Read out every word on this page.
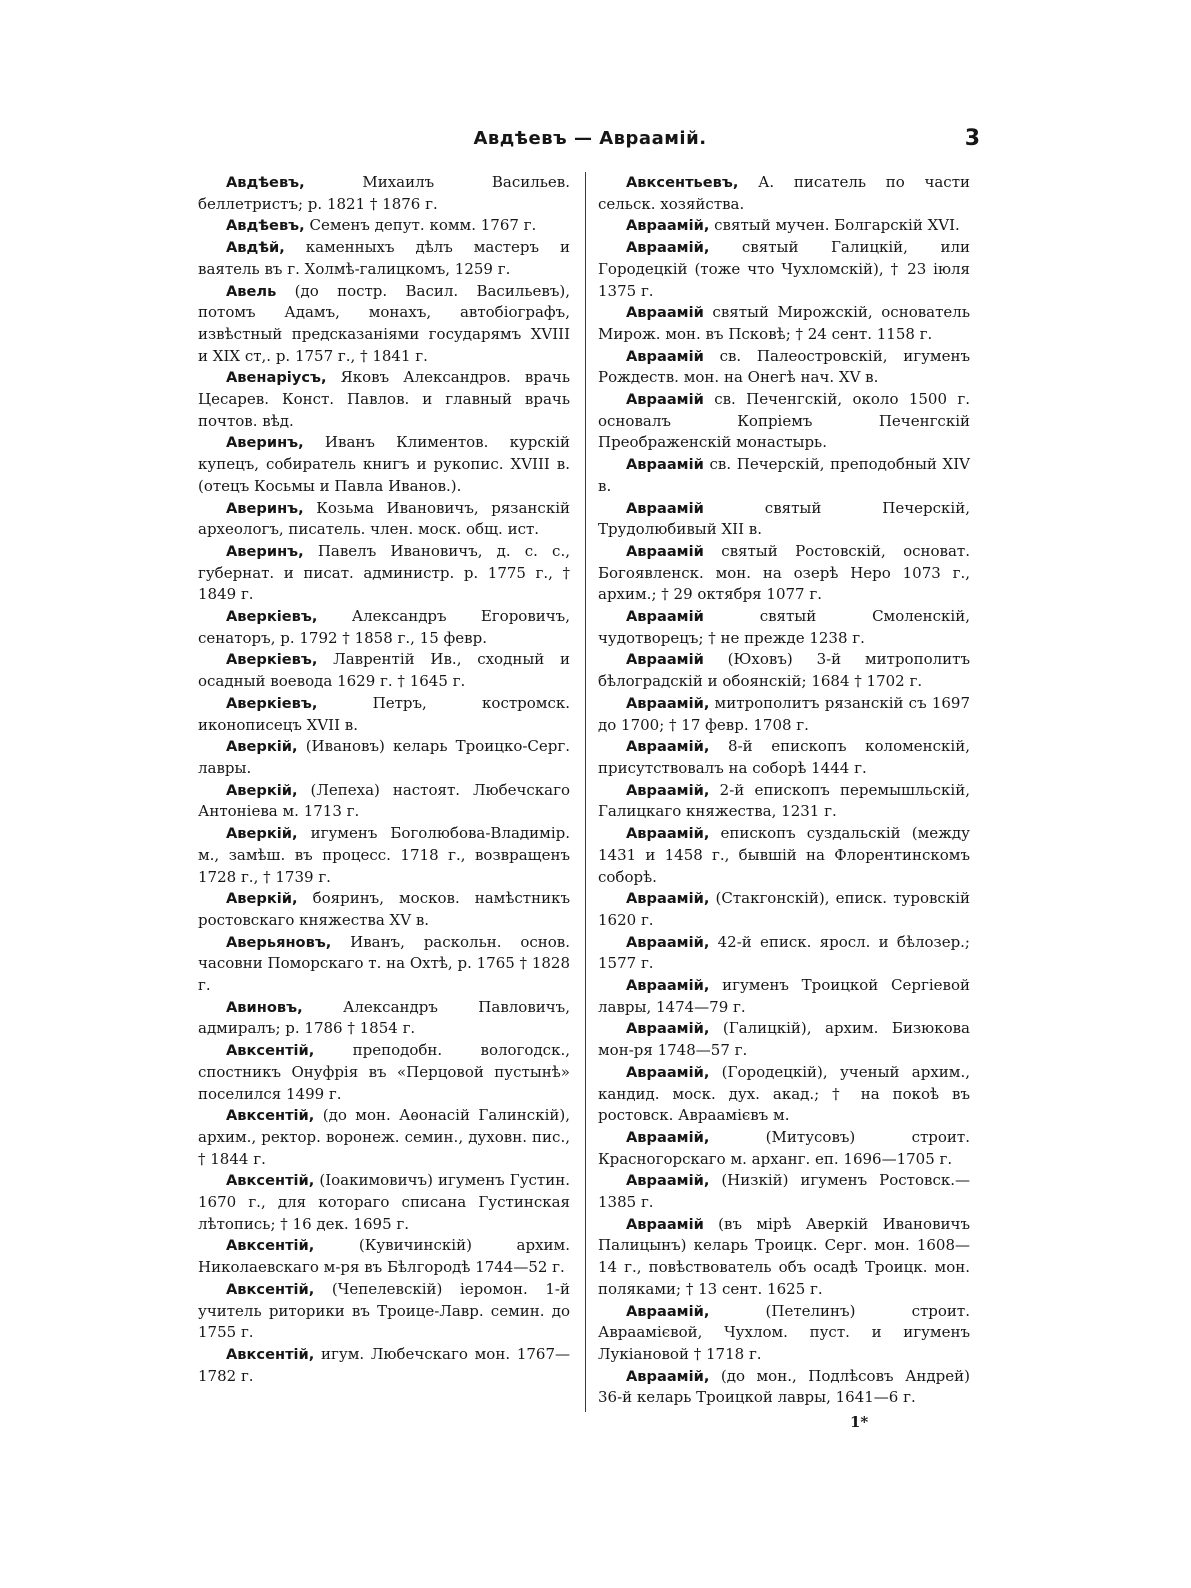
Авдѣевъ — Авраамій.	3

Авдѣевъ, Михаилъ Васильев. беллетристъ; р. 1821 † 1876 г.

Авдѣевъ, Семенъ депут. комм. 1767 г.

Авдѣй, каменныхъ дѣлъ мастеръ и ваятель въ г. Холмѣ-галицкомъ, 1259 г.

Авель (до постр. Васил. Васильевъ), потомъ Адамъ, монахъ, автобіографъ, извѣстный предсказаніями государямъ XVIII и XIX ст,. р. 1757 г., † 1841 г.

Авенаріусъ, Яковъ Александров. врачь Цесарев. Конст. Павлов. и главный врачь почтов. вѣд.

Аверинъ, Иванъ Климентов. курскій купецъ, собиратель книгъ и рукопис. XVIII в. (отецъ Косьмы и Павла Иванов.).

Аверинъ, Козьма Ивановичъ, рязанскій археологъ, писатель. член. моск. общ. ист.

Аверинъ, Павелъ Ивановичъ, д. с. с., губернат. и писат. администр. р. 1775 г., † 1849 г.

Аверкіевъ, Александръ Егоровичъ, сенаторъ, р. 1792 † 1858 г., 15 февр.

Аверкіевъ, Лаврентій Ив., сходный и осадный воевода 1629 г. † 1645 г.

Аверкіевъ, Петръ, костромск. иконописецъ XVII в.

Аверкій, (Ивановъ) келарь Троицко-Серг. лавры.

Аверкій, (Лепеха) настоят. Любечскаго Антоніева м. 1713 г.

Аверкій, игуменъ Боголюбова-Владимір. м., замѣш. въ процесс. 1718 г., возвращенъ 1728 г., † 1739 г.

Аверкій, бояринъ, москов. намѣстникъ ростовскаго княжества XV в.

Аверьяновъ, Иванъ, раскольн. основ. часовни Поморскаго т. на Охтѣ, р. 1765 † 1828 г.

Авиновъ, Александръ Павловичъ, адмиралъ; р. 1786 † 1854 г.

Авксентій, преподобн. вологодск., спостникъ Онуфрія въ «Перцовой пустынѣ» поселился 1499 г.

Авксентій, (до мон. Аѳонасій Галинскій), архим., ректор. воронеж. семин., духовн. пис., † 1844 г.

Авксентій, (Іоакимовичъ) игуменъ Густин. 1670 г., для котораго списана Густинская лѣтопись; † 16 дек. 1695 г.

Авксентій, (Кувичинскій) архим. Николаевскаго м-ря въ Бѣлгородѣ 1744—52 г.

Авксентій, (Чепелевскій) іеромон. 1-й учитель риторики въ Троице-Лавр. семин. до 1755 г.

Авксентій, игум. Любечскаго мон. 1767—1782 г.

Авксентьевъ, А. писатель по части сельск. хозяйства.

Авраамій, святый мучен. Болгарскій XVI.

Авраамій, святый Галицкій, или Городецкій (тоже что Чухломскій), † 23 іюля 1375 г.

Авраамій святый Мирожскій, основатель Мирож. мон. въ Псковѣ; † 24 сент. 1158 г.

Авраамій св. Палеостровскій, игуменъ Рождеств. мон. на Онегѣ нач. XV в.

Авраамій св. Печенгскій, около 1500 г. основалъ Копріемъ Печенгскій Преображенскій монастырь.

Авраамій св. Печерскій, преподобный XIV в.

Авраамій святый Печерскій, Трудолюбивый XII в.

Авраамій святый Ростовскій, основат. Богоявленск. мон. на озерѣ Неро 1073 г., архим.; † 29 октября 1077 г.

Авраамій святый Смоленскій, чудотворецъ; † не прежде 1238 г.

Авраамій (Юховъ) 3-й митрополитъ бѣлоградскій и обоянскій; 1684 † 1702 г.

Авраамій, митрополитъ рязанскій съ 1697 до 1700; † 17 февр. 1708 г.

Авраамій, 8-й епископъ коломенскій, присутствовалъ на соборѣ 1444 г.

Авраамій, 2-й епископъ перемышльскій, Галицкаго княжества, 1231 г.

Авраамій, епископъ суздальскій (между 1431 и 1458 г., бывшій на Флорентинскомъ соборѣ.

Авраамій, (Стакгонскій), еписк. туровскій 1620 г.

Авраамій, 42-й еписк. яросл. и бѣлозер.; 1577 г.

Авраамій, игуменъ Троицкой Сергіевой лавры, 1474—79 г.

Авраамій, (Галицкій), архим. Бизюкова мон-ря 1748—57 г.

Авраамій, (Городецкій), ученый архим., кандид. моск. дух. акад.; † на покоѣ въ ростовск. Авраамієвъ м.

Авраамій, (Митусовъ) строит. Красногорскаго м. арханг. еп. 1696—1705 г.

Авраамій, (Низкій) игуменъ Ростовск.— 1385 г.

Авраамій (въ мірѣ Аверкій Ивановичъ Палицынъ) келарь Троицк. Серг. мон. 1608—14 г., повѣствователь объ осадѣ Троицк. мон. поляками; † 13 сент. 1625 г.

Авраамій, (Петелинъ) строит. Авраамієвой, Чухлом. пуст. и игуменъ Лукіановой † 1718 г.

Авраамій, (до мон., Подлѣсовъ Андрей) 36-й келарь Троицкой лавры, 1641—6 г.

1*
